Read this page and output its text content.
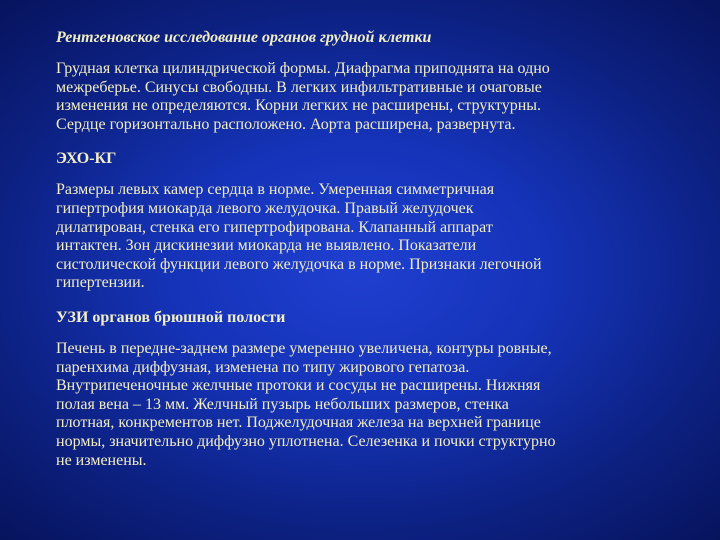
Рентгеновское исследование органов грудной клетки

Грудная клетка цилиндрической формы. Диафрагма приподнята на одно
межреберье. Синусы свободны. В легких инфильтративные и очаговые
изменения не определяются. Корни легких не расширены, структурны.
Сердце горизонтально расположено. Аорта расширена, развернута.

ЭХО-КГ

Размеры левых камер сердца в норме. Умеренная симметричная
гипертрофия миокарда левого желудочка. Правый желудочек
дилатирован, стенка его гипертрофирована. Клапанный аппарат
интактен. Зон дискинезии миокарда не выявлено. Показатели
систолической функции левого желудочка в норме. Признаки легочной
гипертензии.

УЗИ органов брюшной полости

Печень в передне-заднем размере умеренно увеличена, контуры ровные,
паренхима диффузная, изменена по типу жирового гепатоза.
Внутрипеченочные желчные протоки и сосуды не расширены. Нижняя
полая вена – 13 мм. Желчный пузырь небольших размеров, стенка
плотная, конкрементов нет. Поджелудочная железа на верхней границе
нормы, значительно диффузно уплотнена. Селезенка и почки структурно
не изменены.
